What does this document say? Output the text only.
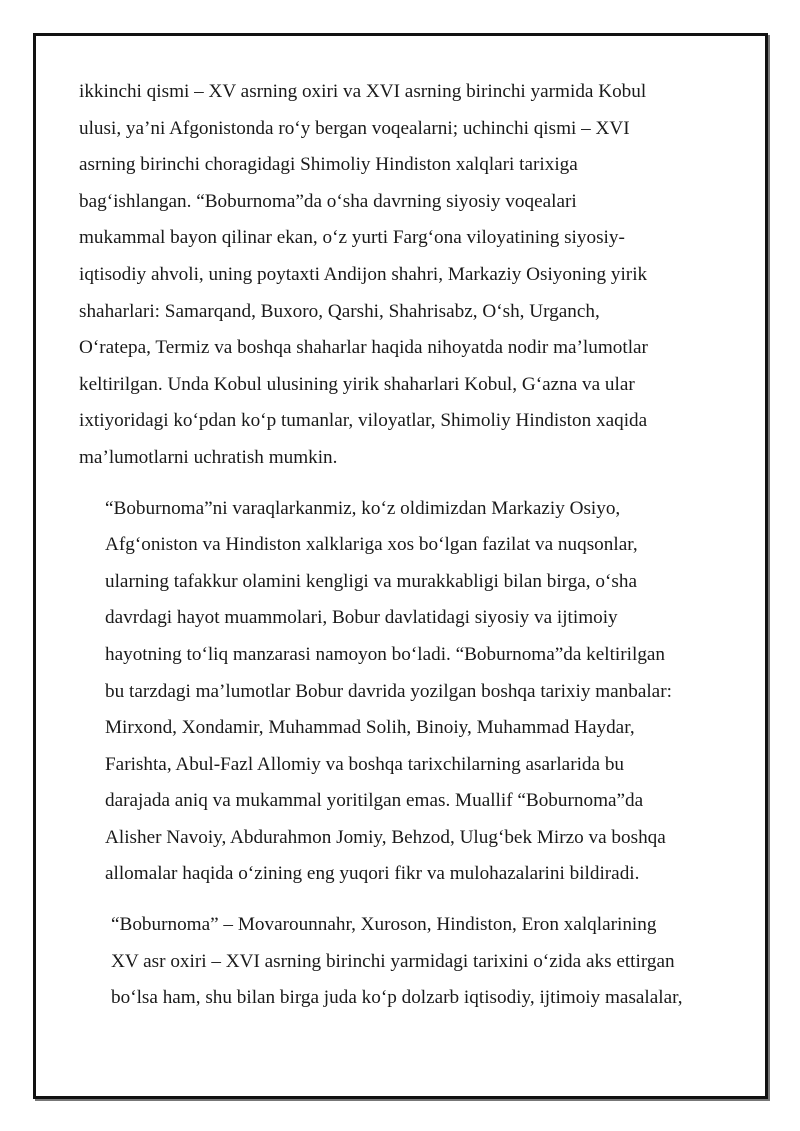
ikkinchi qismi – XV asrning oxiri va XVI asrning birinchi yarmida Kobul
ulusi, ya’ni Afgonistonda ro‘y bergan voqealarni; uchinchi qismi – XVI
asrning birinchi choragidagi Shimoliy Hindiston xalqlari tarixiga
bag‘ishlangan. “Boburnoma”da o‘sha davrning siyosiy voqealari
mukammal bayon qilinar ekan, o‘z yurti Farg‘ona viloyatining siyosiy-
iqtisodiy ahvoli, uning poytaxti Andijon shahri, Markaziy Osiyoning yirik
shaharlari: Samarqand, Buxoro, Qarshi, Shahrisabz, O‘sh, Urganch,
O‘ratepa, Termiz va boshqa shaharlar haqida nihoyatda nodir ma’lumotlar
keltirilgan. Unda Kobul ulusining yirik shaharlari Kobul, G‘azna va ular
ixtiyoridagi ko‘pdan ko‘p tumanlar, viloyatlar, Shimoliy Hindiston xaqida
ma’lumotlarni uchratish mumkin.

“Boburnoma”ni varaqlarkanmiz, ko‘z oldimizdan Markaziy Osiyo,
Afg‘oniston va Hindiston xalklariga xos bo‘lgan fazilat va nuqsonlar,
ularning tafakkur olamini kengligi va murakkabligi bilan birga, o‘sha
davrdagi hayot muammolari, Bobur davlatidagi siyosiy va ijtimoiy
hayotning to‘liq manzarasi namoyon bo‘ladi. “Boburnoma”da keltirilgan
bu tarzdagi ma’lumotlar Bobur davrida yozilgan boshqa tarixiy manbalar:
Mirxond, Xondamir, Muhammad Solih, Binoiy, Muhammad Haydar,
Farishta, Abul-Fazl Allomiy va boshqa tarixchilarning asarlarida bu
darajada aniq va mukammal yoritilgan emas. Muallif “Boburnoma”da
Alisher Navoiy, Abdurahmon Jomiy, Behzod, Ulug‘bek Mirzo va boshqa
allomalar haqida o‘zining eng yuqori fikr va mulohazalarini bildiradi.

“Boburnoma” – Movarounnahr, Xuroson, Hindiston, Eron xalqlarining
XV asr oxiri – XVI asrning birinchi yarmidagi tarixini o‘zida aks ettirgan
bo‘lsa ham, shu bilan birga juda ko‘p dolzarb iqtisodiy, ijtimoiy masalalar,
